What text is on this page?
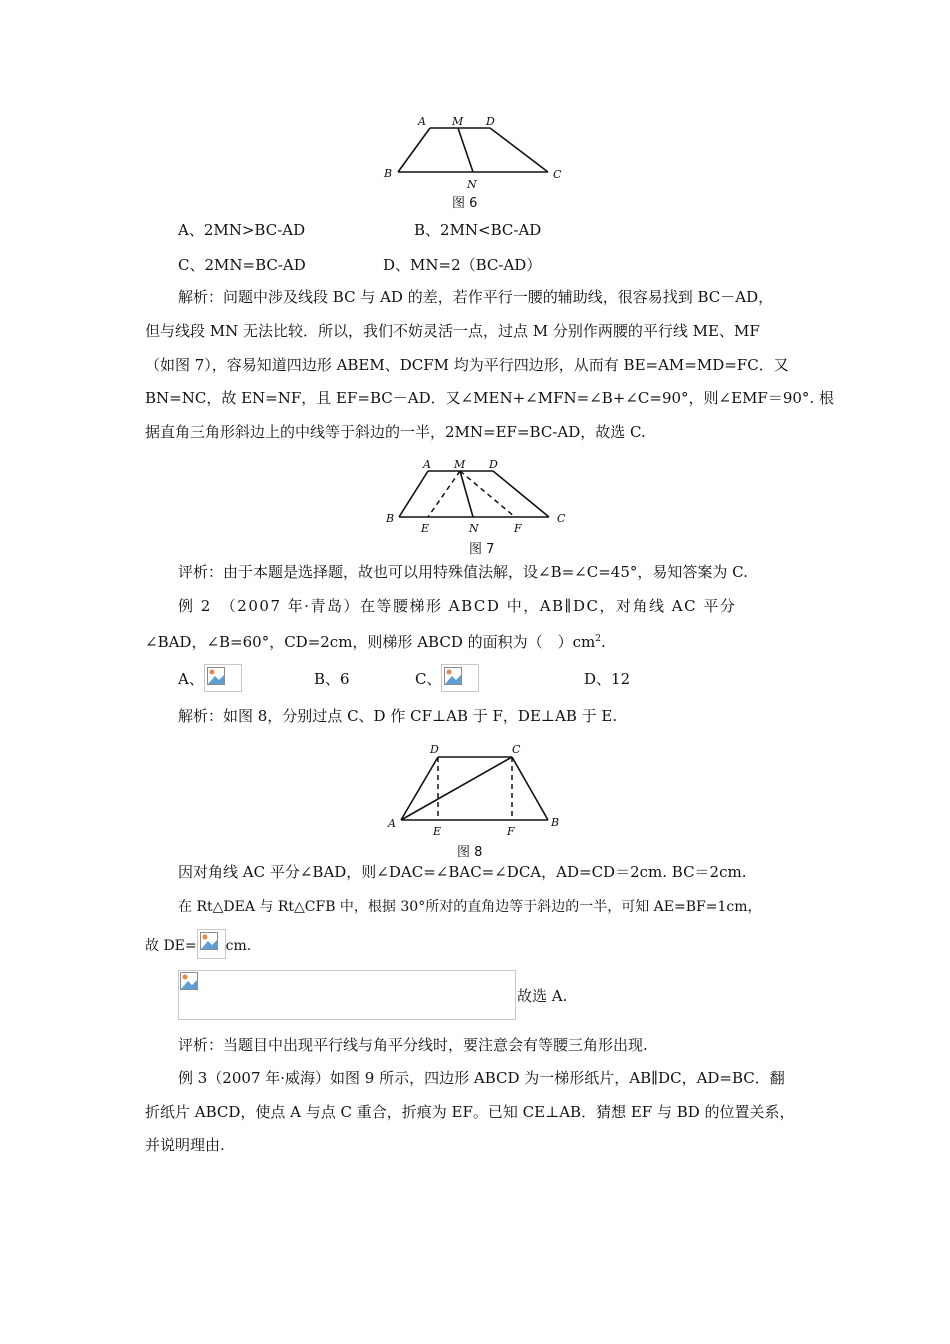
A M D
B
N
C
图 6
A、2MN>BC-AD	B、2MN<BC-AD
C、2MN=BC-AD	D、MN=2（BC-AD）
解析：问题中涉及线段 BC 与 AD 的差，若作平行一腰的辅助线，很容易找到 BC－AD，
但与线段 MN 无法比较．所以，我们不妨灵活一点，过点 M 分别作两腰的平行线 ME、MF
（如图 7），容易知道四边形 ABEM、DCFM 均为平行四边形，从而有 BE=AM=MD=FC．又
BN=NC，故 EN=NF，且 EF=BC－AD．又∠MEN+∠MFN=∠B+∠C=90°，则∠EMF＝90°. 根
据直角三角形斜边上的中线等于斜边的一半，2MN=EF=BC-AD，故选 C.
A M D
B
E	N	F
C
图 7
评析：由于本题是选择题，故也可以用特殊值法解，设∠B=∠C=45°，易知答案为 C.
例 2　（2007 年·青岛）在等腰梯形 ABCD 中，AB∥DC，对角线 AC 平分
∠BAD，∠B=60°，CD=2cm，则梯形 ABCD 的面积为（　）$cm^2$.
A、	B、6	C、	D、12
解析：如图 8，分别过点 C、D 作 CF⊥AB 于 F，DE⊥AB 于 E.
D	C
A
E	F
B
图 8
因对角线 AC 平分∠BAD，则∠DAC=∠BAC=∠DCA，AD=CD＝2cm. BC＝2cm.
在 Rt△DEA 与 Rt△CFB 中，根据 30°所对的直角边等于斜边的一半，可知 AE=BF=1cm，
故 DE= cm.
故选 A.
评析：当题目中出现平行线与角平分线时，要注意会有等腰三角形出现.
例 3（2007 年·威海）如图 9 所示，四边形 ABCD 为一梯形纸片，AB∥DC，AD=BC．翻
折纸片 ABCD，使点 A 与点 C 重合，折痕为 EF。已知 CE⊥AB．猜想 EF 与 BD 的位置关系，
并说明理由.
